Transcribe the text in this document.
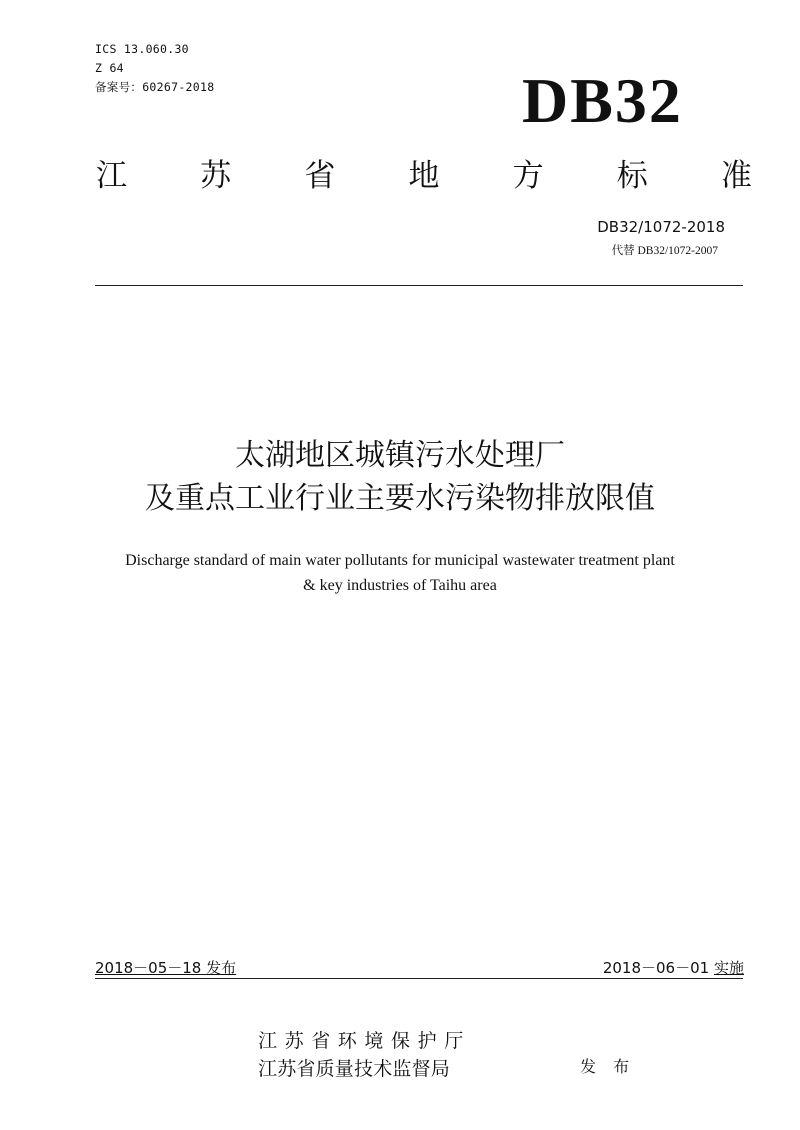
ICS 13.060.30
Z 64
备案号：60267-2018	DB32
江 苏 省 地 方 标 准
DB32/1072-2018
代替 DB32/1072-2007
太湖地区城镇污水处理厂
及重点工业行业主要水污染物排放限值
Discharge standard of main water pollutants for municipal wastewater treatment plant
& key industries of Taihu area
2018－05－18 发布	2018－06－01 实施
江苏省环境保护厅
江苏省质量技术监督局	发 布
